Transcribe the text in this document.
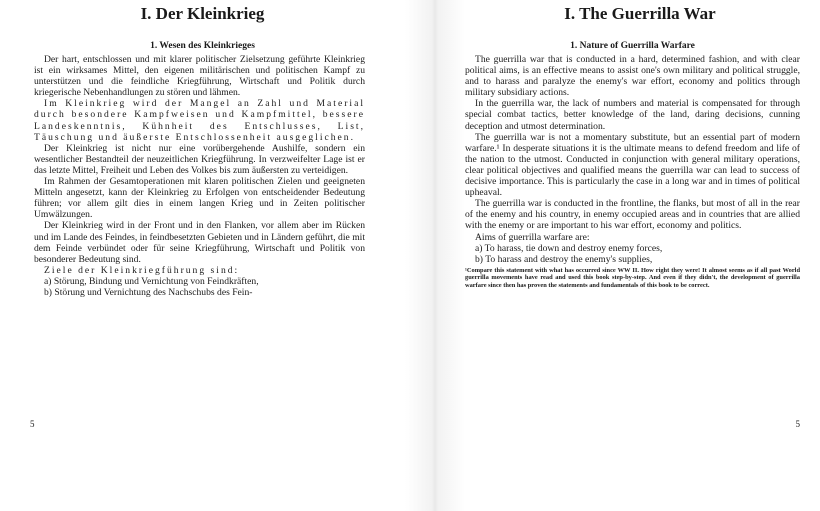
I. Der Kleinkrieg
1. Wesen des Kleinkrieges

Der hart, entschlossen und mit klarer politischer Zielsetzung geführte Kleinkrieg ist ein wirksames Mittel, den eigenen militärischen und politischen Kampf zu unterstützen und die feindliche Kriegführung, Wirtschaft und Politik durch kriegerische Nebenhandlungen zu stören und lähmen.

Im Kleinkrieg wird der Mangel an Zahl und Material durch besondere Kampfweisen und Kampfmittel, bessere Landeskenntnis, Kühnheit des Entschlusses, List, Täuschung und äußerste Entschlossenheit ausgeglichen.

Der Kleinkrieg ist nicht nur eine vorübergehende Aushilfe, sondern ein wesentlicher Bestandteil der neuzeitlichen Kriegführung. In verzweifelter Lage ist er das letzte Mittel, Freiheit und Leben des Volkes bis zum äußersten zu verteidigen.

Im Rahmen der Gesamtoperationen mit klaren politischen Zielen und geeigneten Mitteln angesetzt, kann der Kleinkrieg zu Erfolgen von entscheidender Bedeutung führen; vor allem gilt dies in einem langen Krieg und in Zeiten politischer Umwälzungen.

Der Kleinkrieg wird in der Front und in den Flanken, vor allem aber im Rücken und im Lande des Feindes, in feindbesetzten Gebieten und in Ländern geführt, die mit dem Feinde verbündet oder für seine Kriegführung, Wirtschaft und Politik von besonderer Bedeutung sind.

Ziele der Kleinkriegführung sind:

a) Störung, Bindung und Vernichtung von Feindkräften,
b) Störung und Vernichtung des Nachschubs des Fein-
5
I. The Guerrilla War
1. Nature of Guerrilla Warfare

The guerrilla war that is conducted in a hard, determined fashion, and with clear political aims, is an effective means to assist one's own military and political struggle, and to harass and paralyze the enemy's war effort, economy and politics through military subsidiary actions.

In the guerrilla war, the lack of numbers and material is compensated for through special combat tactics, better knowledge of the land, daring decisions, cunning deception and utmost determination.

The guerrilla war is not a momentary substitute, but an essential part of modern warfare.¹ In desperate situations it is the ultimate means to defend freedom and life of the nation to the utmost. Conducted in conjunction with general military operations, clear political objectives and qualified means the guerrilla war can lead to success of decisive importance. This is particularly the case in a long war and in times of political upheaval.

The guerrilla war is conducted in the frontline, the flanks, but most of all in the rear of the enemy and his country, in enemy occupied areas and in countries that are allied with the enemy or are important to his war effort, economy and politics.

Aims of guerrilla warfare are:

a) To harass, tie down and destroy enemy forces,
b) To harass and destroy the enemy's supplies,
¹Compare this statement with what has occurred since WW II. How right they were! It almost seems as if all past World guerrilla movements have read and used this book step-by-step. And even if they didn't, the development of guerrilla warfare since then has proven the statements and fundamentals of this book to be correct.
5
